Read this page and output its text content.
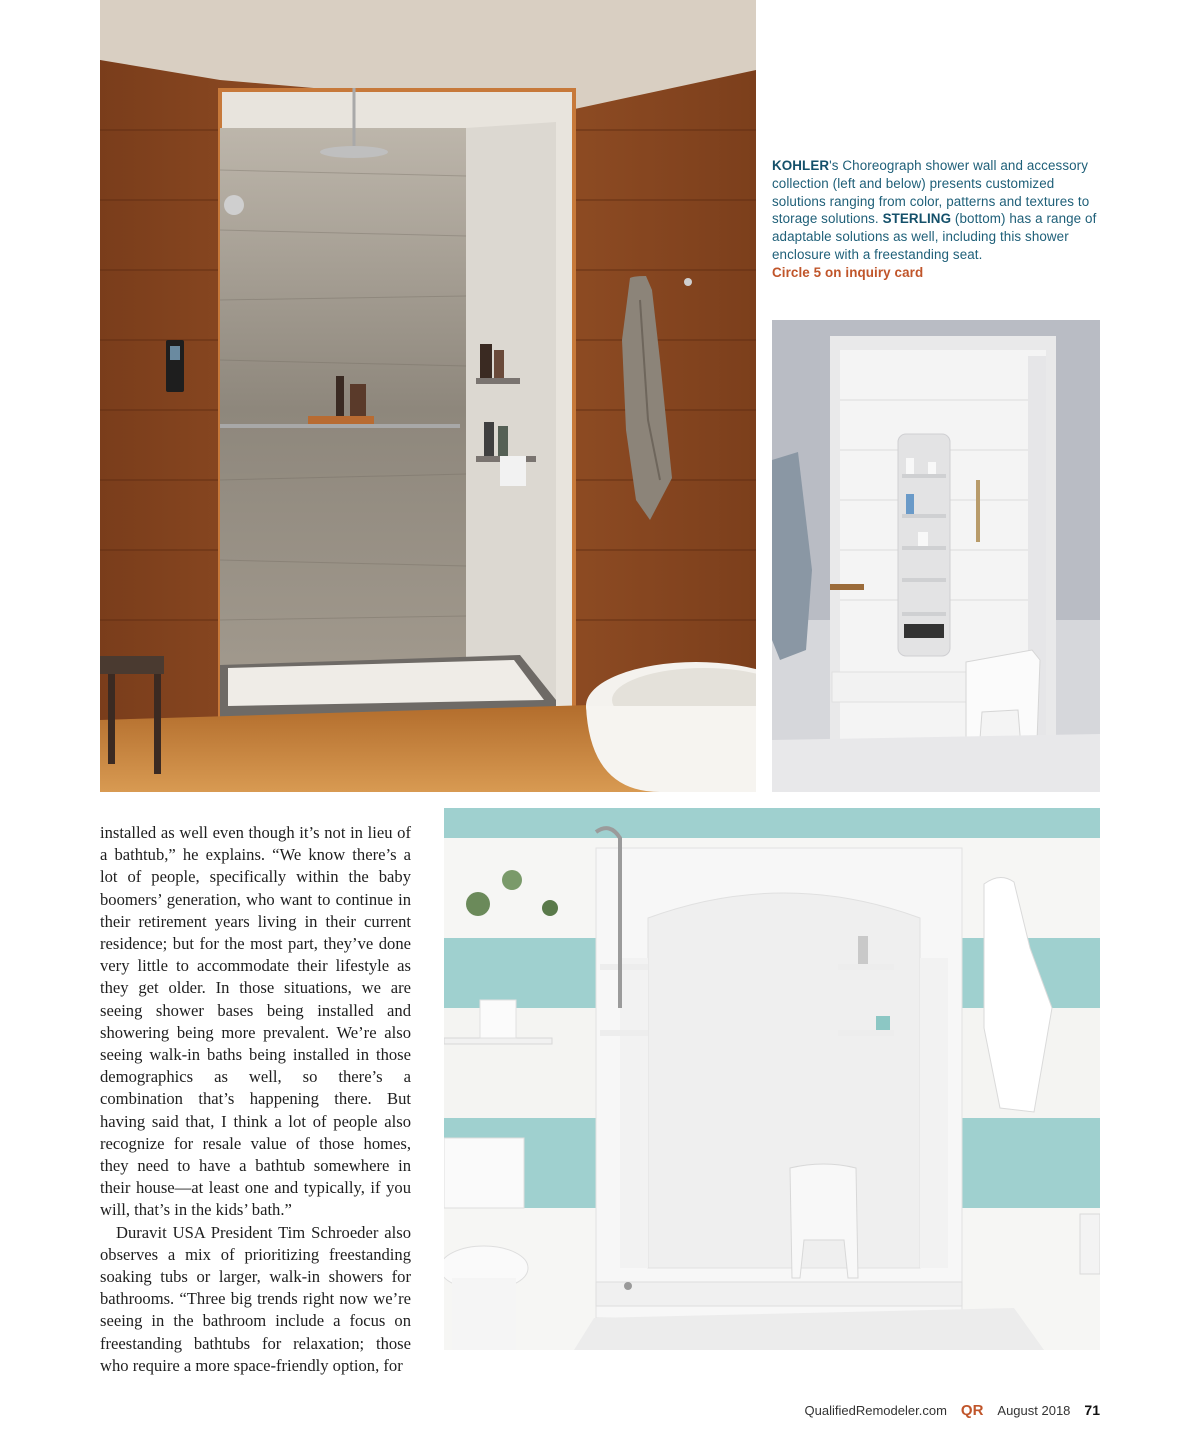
KOHLER's Choreograph shower wall and accessory collection (left and below) presents customized solutions ranging from color, patterns and textures to storage solutions. STERLING (bottom) has a range of adaptable solutions as well, including this shower enclosure with a freestanding seat.
Circle 5 on inquiry card

installed as well even though it’s not in lieu of a bathtub,” he explains. “We know there’s a lot of people, specifically within the baby boomers’ generation, who want to continue in their retirement years living in their current residence; but for the most part, they’ve done very little to accommodate their lifestyle as they get older. In those situations, we are seeing shower bases being installed and showering being more prevalent. We’re also seeing walk-in baths being installed in those demographics as well, so there’s a combination that’s happening there. But having said that, I think a lot of people also recognize for resale value of those homes, they need to have a bathtub somewhere in their house—at least one and typically, if you will, that’s in the kids’ bath.”

Duravit USA President Tim Schroeder also observes a mix of prioritizing freestanding soaking tubs or larger, walk-in showers for bathrooms. “Three big trends right now we’re seeing in the bathroom include a focus on freestanding bathtubs for relaxation; those who require a more space-friendly option, for

QualifiedRemodeler.com QR August 2018 71
